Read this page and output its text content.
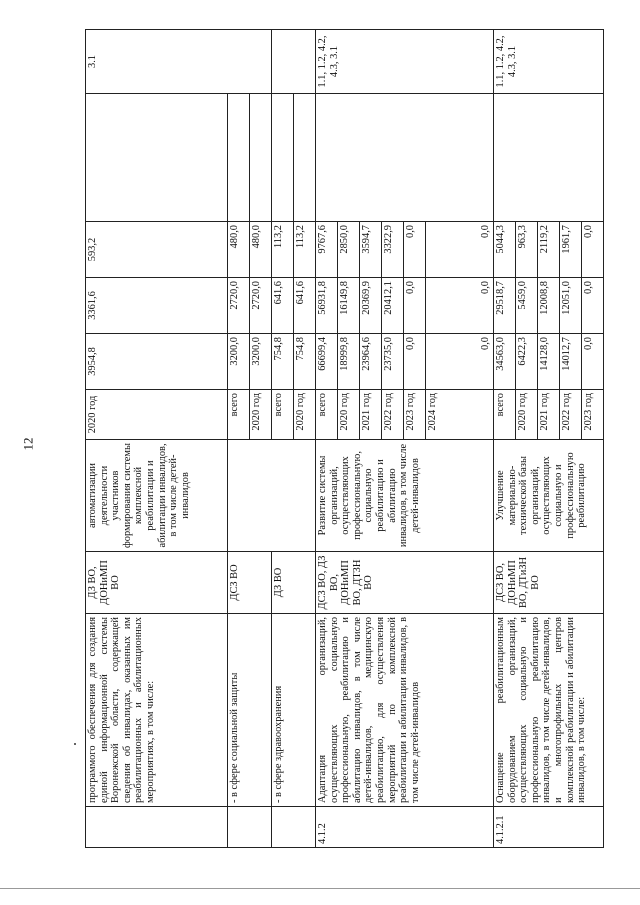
12
	программого обеспечения для создания единой информационной системы Воронежской области, содержащей сведения об инвалидах, оказанных им реабилитационных и абилитационных мероприятиях, в том числе:	ДЗ ВО, ДОНиМП ВО	автоматизации деятельности участников формирования системы комплексной реабилитации и абилитации инвалидов, в том числе детей-инвалидов	2020 год	3954,8	3361,6	593,2		3.1
	- в сфере социальной защиты	ДСЗ ВО		всего	3200,0	2720,0	480,0		
				2020 год	3200,0	2720,0	480,0		
	- в сфере здравоохранения	ДЗ ВО		всего	754,8	641,6	113,2		
				2020 год	754,8	641,6	113,2		
4.1.2	Адаптация организаций, осуществляющих социальную профессиональную, реабилитацию и абилитацию инвалидов, в том числе детей-инвалидов, медицинскую реабилитацию, для осуществления мероприятий по комплексной реабилитации и абилитации инвалидов, в том числе детей-инвалидов	ДСЗ ВО, ДЗ ВО, ДОНиМП ВО, ДТЗН ВО	Развитие системы организаций, осуществляющих профессиональную, социальную реабилитацию и абилитацию инвалидов, в том числе детей-инвалидов	всего	66699,4	56931,8	9767,6		1.1, 1.2, 4.2, 4.3, 3.1
				2020 год	18999,8	16149,8	2850,0		
				2021 год	23964,6	20369,9	3594,7		
				2022 год	23735,0	20412,1	3322,9		
				2023 год	0,0	0,0	0,0		
				2024 год	0,0	0,0	0,0		
4.1.2.1	Оснащение реабилитационным оборудованием организаций, осуществляющих социальную и профессиональную реабилитацию инвалидов, в том числе детей-инвалидов, и многопрофильных центров комплексной реабилитации и абилитации инвалидов, в том числе:	ДСЗ ВО, ДОНиМП ВО, ДТиЗН ВО	Улучшение материально-технической базы организаций, осуществляющих социальную и профессиональную реабилитацию	всего	34563,0	29518,7	5044,3		1.1, 1.2, 4.2, 4.3, 3.1
				2020 год	6422,3	5459,0	963,3		
				2021 год	14128,0	12008,8	2119,2		
				2022 год	14012,7	12051,0	1961,7		
				2023 год	0,0	0,0	0,0		
